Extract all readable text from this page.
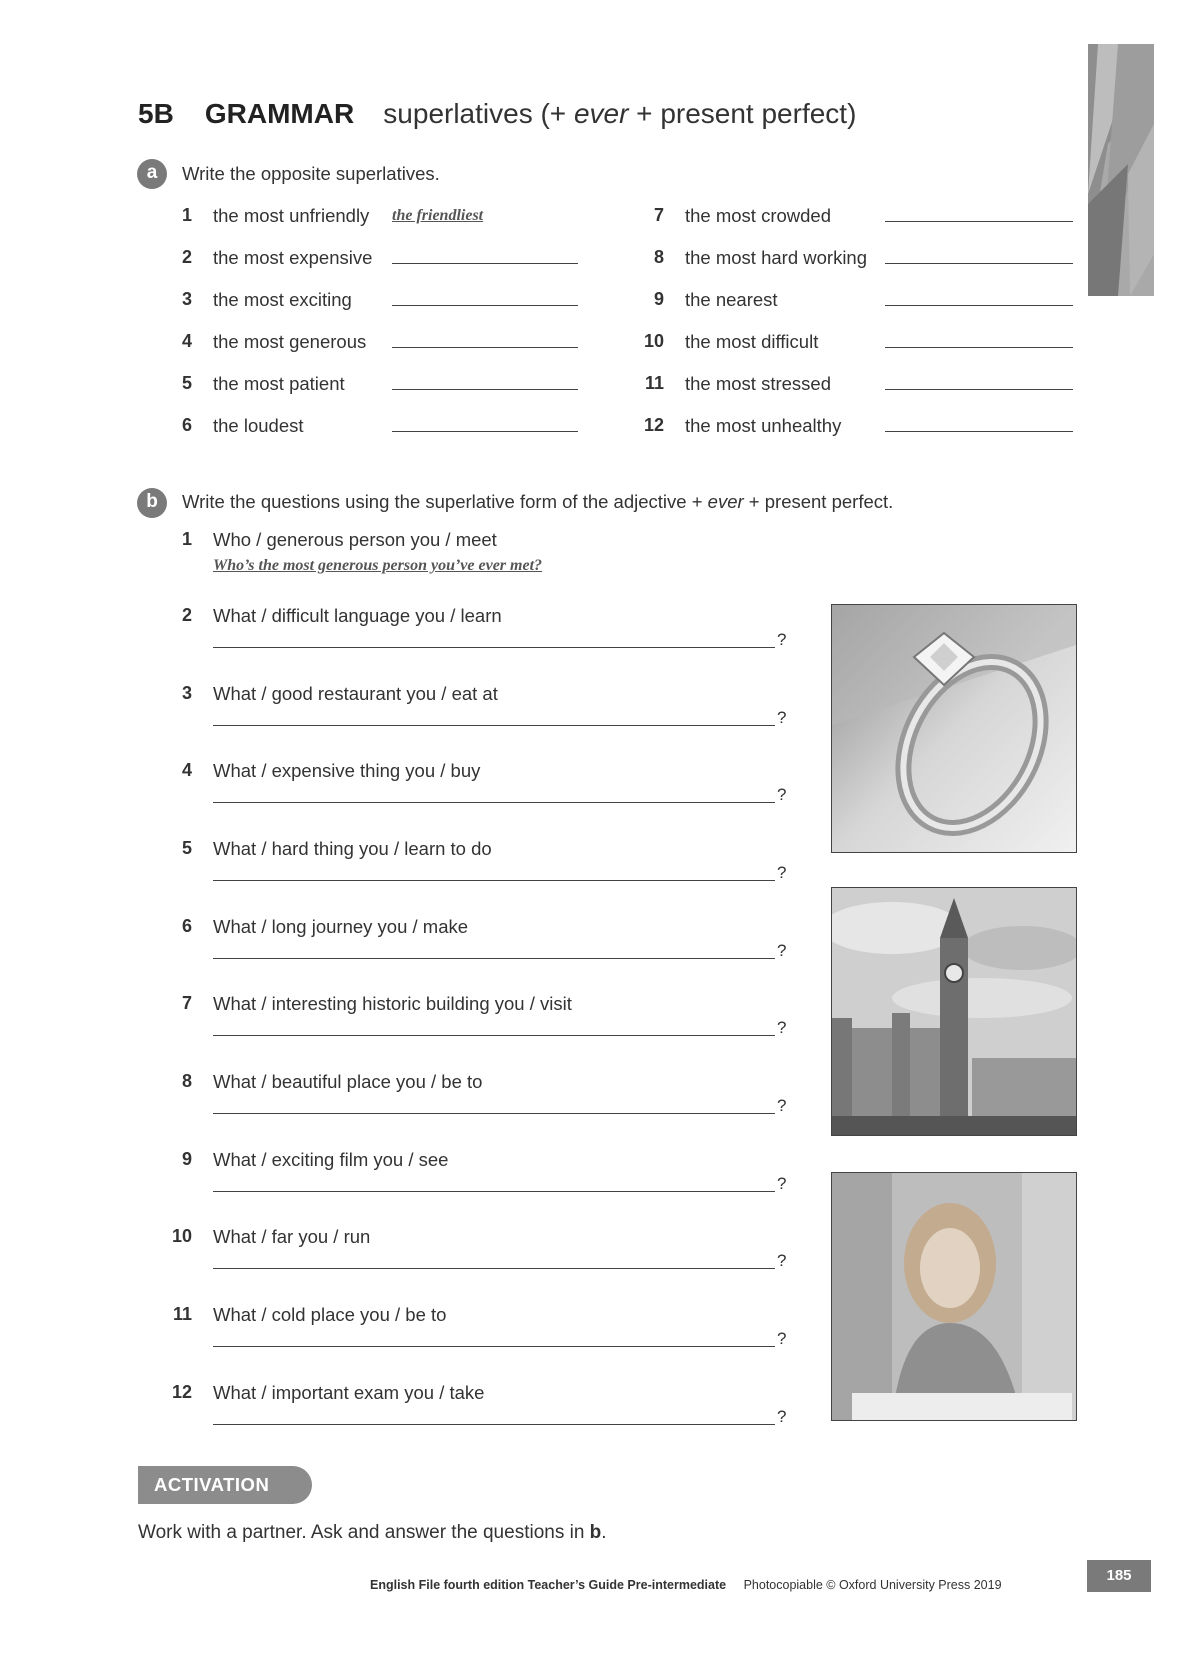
5B GRAMMAR superlatives (+ ever + present perfect)
a	Write the opposite superlatives.
1 the most unfriendly the friendliest
2 the most expensive
3 the most exciting
4 the most generous
5 the most patient
6 the loudest
7 the most crowded
8 the most hard working
9 the nearest
10 the most difficult
11 the most stressed
12 the most unhealthy
b	Write the questions using the superlative form of the adjective + ever + present perfect.
1 Who / generous person you / meet
Who’s the most generous person you’ve ever met?
2 What / difficult language you / learn
?
3 What / good restaurant you / eat at
?
4 What / expensive thing you / buy
?
5 What / hard thing you / learn to do
?
6 What / long journey you / make
?
7 What / interesting historic building you / visit
?
8 What / beautiful place you / be to
?
9 What / exciting film you / see
?
10 What / far you / run
?
11 What / cold place you / be to
?
12 What / important exam you / take
?
ACTIVATION
Work with a partner. Ask and answer the questions in b.
English File fourth edition Teacher’s Guide Pre-intermediate Photocopiable © Oxford University Press 2019
185
